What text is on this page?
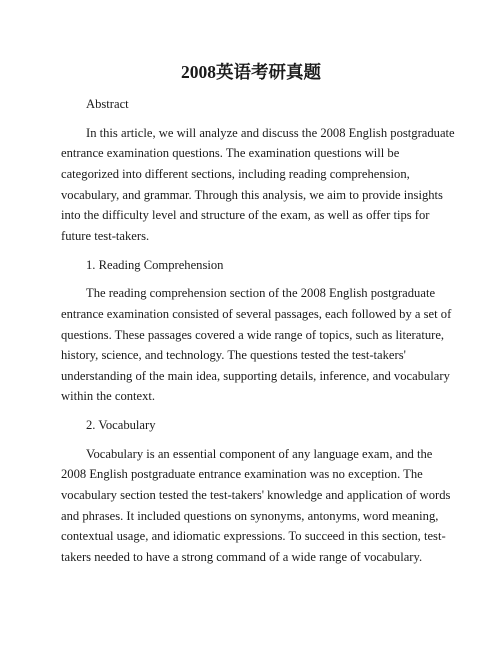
2008英语考研真题

Abstract

In this article, we will analyze and discuss the 2008 English postgraduate entrance examination questions. The examination questions will be categorized into different sections, including reading comprehension, vocabulary, and grammar. Through this analysis, we aim to provide insights into the difficulty level and structure of the exam, as well as offer tips for future test-takers.

1. Reading Comprehension

The reading comprehension section of the 2008 English postgraduate entrance examination consisted of several passages, each followed by a set of questions. These passages covered a wide range of topics, such as literature, history, science, and technology. The questions tested the test-takers' understanding of the main idea, supporting details, inference, and vocabulary within the context.

2. Vocabulary

Vocabulary is an essential component of any language exam, and the 2008 English postgraduate entrance examination was no exception. The vocabulary section tested the test-takers' knowledge and application of words and phrases. It included questions on synonyms, antonyms, word meaning, contextual usage, and idiomatic expressions. To succeed in this section, test-takers needed to have a strong command of a wide range of vocabulary.
